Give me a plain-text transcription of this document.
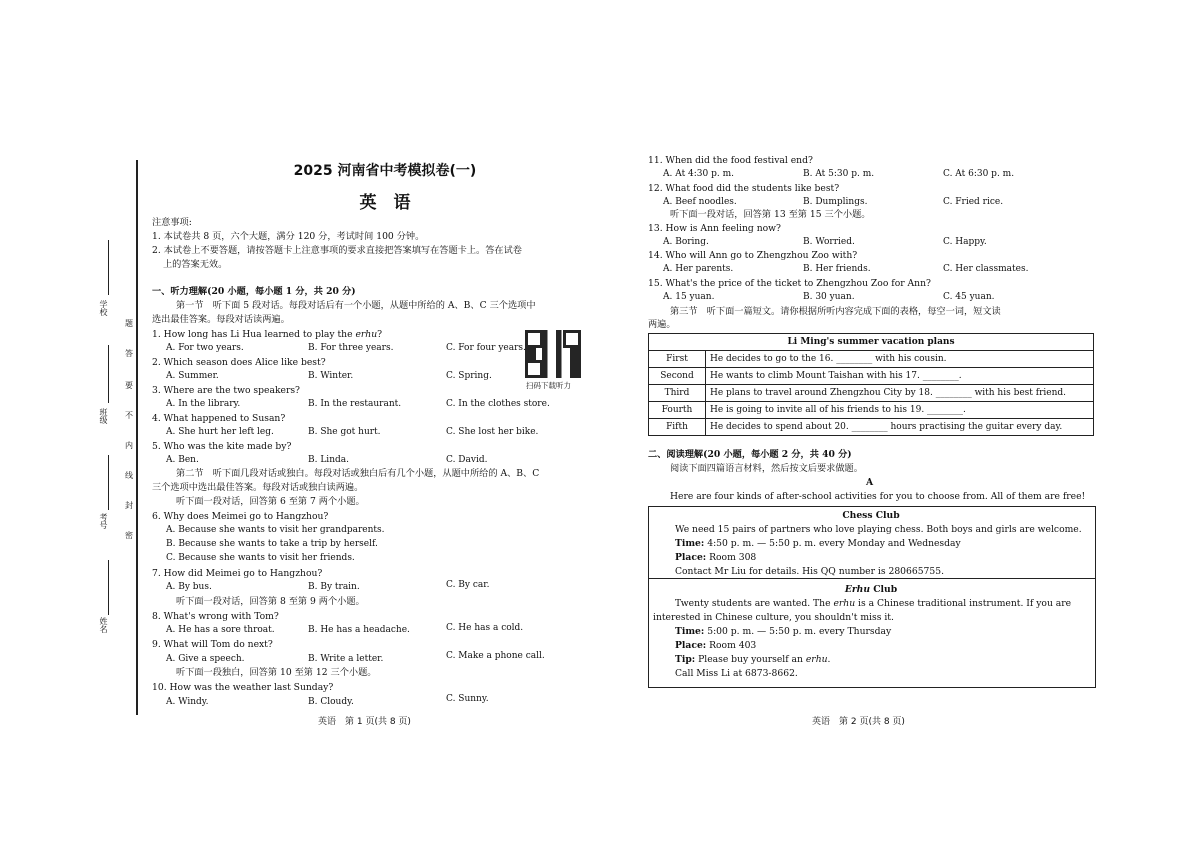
学校
班级
考号
姓名
题
答
要
不
内
线
封
密
2025 河南省中考模拟卷(一)
英　语
注意事项:
1. 本试卷共 8 页，六个大题，满分 120 分，考试时间 100 分钟。
2. 本试卷上不要答题，请按答题卡上注意事项的要求直接把答案填写在答题卡上。答在试卷
上的答案无效。
一、听力理解(20 小题，每小题 1 分，共 20 分)
第一节　听下面 5 段对话。每段对话后有一个小题，从题中所给的 A、B、C 三个选项中
选出最佳答案。每段对话读两遍。
扫码下载听力
1. How long has Li Hua learned to play the erhu?
A. For two years.	B. For three years.	C. For four years.
2. Which season does Alice like best?
A. Summer.	B. Winter.	C. Spring.
3. Where are the two speakers?
A. In the library.	B. In the restaurant.	C. In the clothes store.
4. What happened to Susan?
A. She hurt her left leg.	B. She got hurt.	C. She lost her bike.
5. Who was the kite made by?
A. Ben.	B. Linda.	C. David.
第二节　听下面几段对话或独白。每段对话或独白后有几个小题，从题中所给的 A、B、C
三个选项中选出最佳答案。每段对话或独白读两遍。
听下面一段对话，回答第 6 至第 7 两个小题。
6. Why does Meimei go to Hangzhou?
A. Because she wants to visit her grandparents.
B. Because she wants to take a trip by herself.
C. Because she wants to visit her friends.
7. How did Meimei go to Hangzhou?
A. By bus.	B. By train.	C. By car.
听下面一段对话，回答第 8 至第 9 两个小题。
8. What's wrong with Tom?
A. He has a sore throat.	B. He has a headache.	C. He has a cold.
9. What will Tom do next?
A. Give a speech.	B. Write a letter.	C. Make a phone call.
听下面一段独白，回答第 10 至第 12 三个小题。
10. How was the weather last Sunday?
A. Windy.	B. Cloudy.	C. Sunny.
英语　第 1 页(共 8 页)
11. When did the food festival end?
A. At 4:30 p. m.	B. At 5:30 p. m.	C. At 6:30 p. m.
12. What food did the students like best?
A. Beef noodles.	B. Dumplings.	C. Fried rice.
听下面一段对话，回答第 13 至第 15 三个小题。
13. How is Ann feeling now?
A. Boring.	B. Worried.	C. Happy.
14. Who will Ann go to Zhengzhou Zoo with?
A. Her parents.	B. Her friends.	C. Her classmates.
15. What's the price of the ticket to Zhengzhou Zoo for Ann?
A. 15 yuan.	B. 30 yuan.	C. 45 yuan.
第三节　听下面一篇短文。请你根据所听内容完成下面的表格，每空一词，短文读
两遍。
Li Ming's summer vacation plans	
First	He decides to go to the 16. ________ with his cousin.
Second	He wants to climb Mount Taishan with his 17. ________.
Third	He plans to travel around Zhengzhou City by 18. ________ with his best friend.
Fourth	He is going to invite all of his friends to his 19. ________.
Fifth	He decides to spend about 20. ________ hours practising the guitar every day.
二、阅读理解(20 小题，每小题 2 分，共 40 分)
阅读下面四篇语言材料，然后按文后要求做题。
A
Here are four kinds of after-school activities for you to choose from. All of them are free!
Chess Club
We need 15 pairs of partners who love playing chess. Both boys and girls are welcome.
Time: 4:50 p. m. — 5:50 p. m. every Monday and Wednesday
Place: Room 308
Contact Mr Liu for details. His QQ number is 280665755.
Erhu Club
Twenty students are wanted. The erhu is a Chinese traditional instrument. If you are
interested in Chinese culture, you shouldn't miss it.
Time: 5:00 p. m. — 5:50 p. m. every Thursday
Place: Room 403
Tip: Please buy yourself an erhu.
Call Miss Li at 6873-8662.
英语　第 2 页(共 8 页)
